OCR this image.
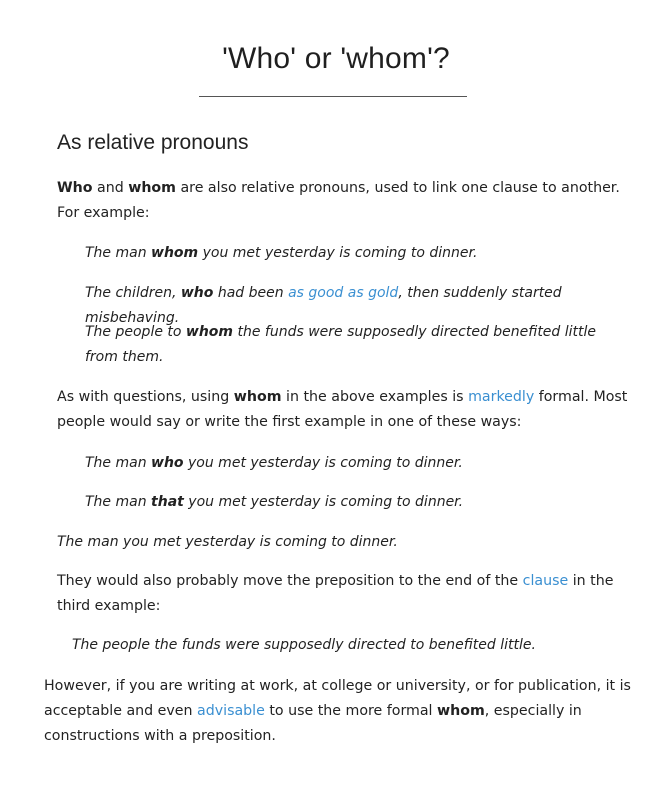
'Who' or 'whom'?
As relative pronouns
Who and whom are also relative pronouns, used to link one clause to another. For example:
The man whom you met yesterday is coming to dinner.
The children, who had been as good as gold, then suddenly started misbehaving.
The people to whom the funds were supposedly directed benefited little from them.
As with questions, using whom in the above examples is markedly formal. Most people would say or write the first example in one of these ways:
The man who you met yesterday is coming to dinner.
The man that you met yesterday is coming to dinner.
The man you met yesterday is coming to dinner.
They would also probably move the preposition to the end of the clause in the third example:
The people the funds were supposedly directed to benefited little.
However, if you are writing at work, at college or university, or for publication, it is acceptable and even advisable to use the more formal whom, especially in constructions with a preposition.
